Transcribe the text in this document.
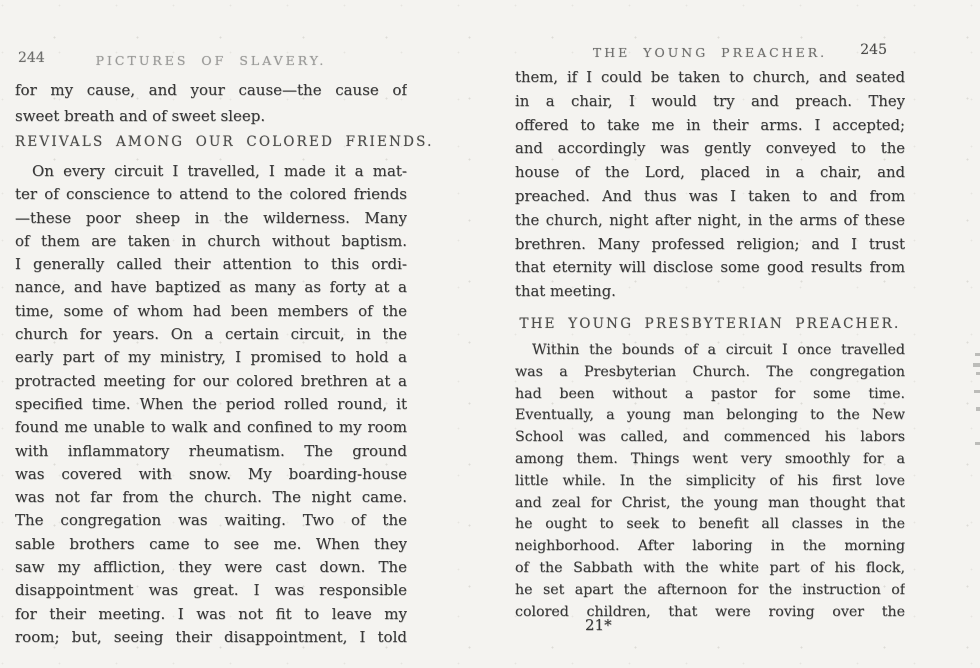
244	PICTURES OF SLAVERY.
for my cause, and your cause—the cause of
sweet breath and of sweet sleep.
REVIVALS AMONG OUR COLORED FRIENDS.
On every circuit I travelled, I made it a mat-
ter of conscience to attend to the colored friends
—these poor sheep in the wilderness. Many
of them are taken in church without baptism.
I generally called their attention to this ordi-
nance, and have baptized as many as forty at a
time, some of whom had been members of the
church for years. On a certain circuit, in the
early part of my ministry, I promised to hold a
protracted meeting for our colored brethren at a
specified time. When the period rolled round, it
found me unable to walk and confined to my room
with inflammatory rheumatism. The ground
was covered with snow. My boarding-house
was not far from the church. The night came.
The congregation was waiting. Two of the
sable brothers came to see me. When they
saw my affliction, they were cast down. The
disappointment was great. I was responsible
for their meeting. I was not fit to leave my
room; but, seeing their disappointment, I told
THE YOUNG PREACHER. 245
them, if I could be taken to church, and seated
in a chair, I would try and preach. They
offered to take me in their arms. I accepted;
and accordingly was gently conveyed to the
house of the Lord, placed in a chair, and
preached. And thus was I taken to and from
the church, night after night, in the arms of these
brethren. Many professed religion; and I trust
that eternity will disclose some good results from
that meeting.
THE YOUNG PRESBYTERIAN PREACHER.
Within the bounds of a circuit I once travelled
was a Presbyterian Church. The congregation
had been without a pastor for some time.
Eventually, a young man belonging to the New
School was called, and commenced his labors
among them. Things went very smoothly for a
little while. In the simplicity of his first love
and zeal for Christ, the young man thought that
he ought to seek to benefit all classes in the
neighborhood. After laboring in the morning
of the Sabbath with the white part of his flock,
he set apart the afternoon for the instruction of
colored children, that were roving over the
21*
